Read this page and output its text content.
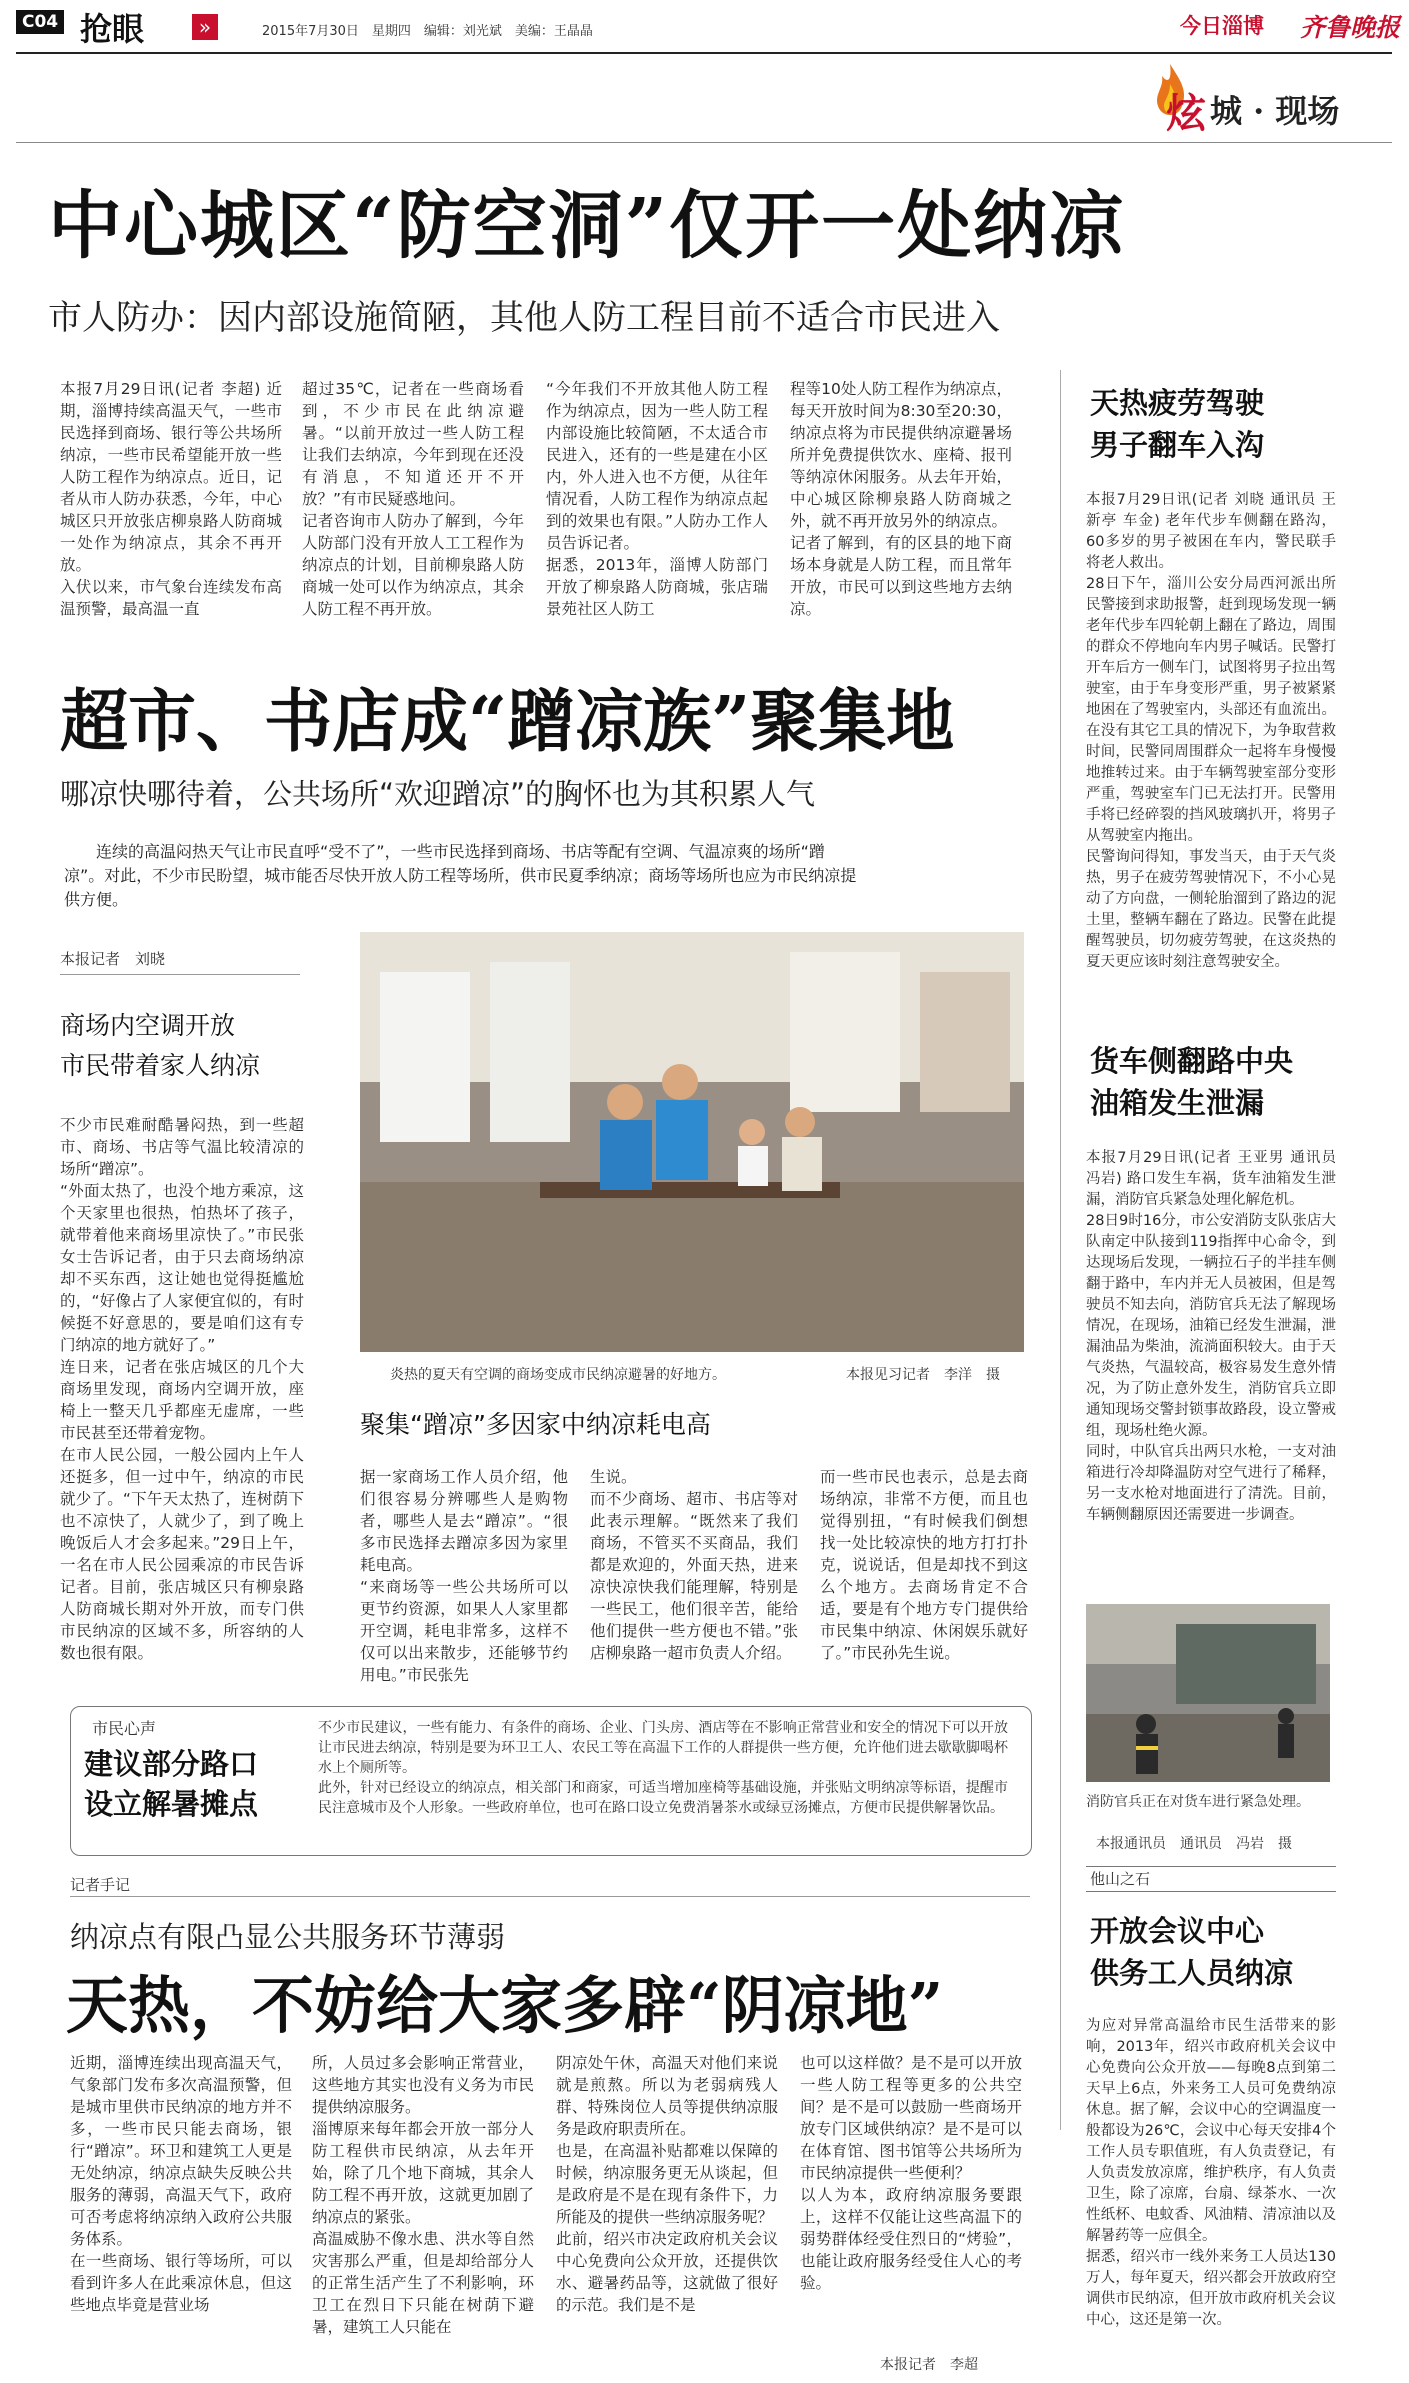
C04 抢眼	»	2015年7月30日　星期四　编辑：刘光斌　美编：王晶晶	今日淄博 齐鲁晚报
炫 城 · 现场
中心城区“防空洞”仅开一处纳凉
市人防办：因内部设施简陋，其他人防工程目前不适合市民进入
本报7月29日讯(记者 李超) 近期，淄博持续高温天气，一些市民选择到商场、银行等公共场所纳凉，一些市民希望能开放一些人防工程作为纳凉点。近日，记者从市人防办获悉，今年，中心城区只开放张店柳泉路人防商城一处作为纳凉点，其余不再开放。
入伏以来，市气象台连续发布高温预警，最高温一直
超过35℃，记者在一些商场看到，不少市民在此纳凉避暑。“以前开放过一些人防工程让我们去纳凉，今年到现在还没有消息，不知道还开不开放？”有市民疑惑地问。
记者咨询市人防办了解到，今年人防部门没有开放人工工程作为纳凉点的计划，目前柳泉路人防商城一处可以作为纳凉点，其余人防工程不再开放。
“今年我们不开放其他人防工程作为纳凉点，因为一些人防工程内部设施比较简陋，不太适合市民进入，还有的一些是建在小区内，外人进入也不方便，从往年情况看，人防工程作为纳凉点起到的效果也有限。”人防办工作人员告诉记者。
据悉，2013年，淄博人防部门开放了柳泉路人防商城，张店瑞景苑社区人防工
程等10处人防工程作为纳凉点，每天开放时间为8:30至20:30，纳凉点将为市民提供纳凉避暑场所并免费提供饮水、座椅、报刊等纳凉休闲服务。从去年开始，中心城区除柳泉路人防商城之外，就不再开放另外的纳凉点。
记者了解到，有的区县的地下商场本身就是人防工程，而且常年开放，市民可以到这些地方去纳凉。
超市、书店成“蹭凉族”聚集地
哪凉快哪待着，公共场所“欢迎蹭凉”的胸怀也为其积累人气
连续的高温闷热天气让市民直呼“受不了”，一些市民选择到商场、书店等配有空调、气温凉爽的场所“蹭凉”。对此，不少市民盼望，城市能否尽快开放人防工程等场所，供市民夏季纳凉；商场等场所也应为市民纳凉提供方便。
本报记者　刘晓
商场内空调开放
市民带着家人纳凉
不少市民难耐酷暑闷热，到一些超市、商场、书店等气温比较清凉的场所“蹭凉”。
“外面太热了，也没个地方乘凉，这个天家里也很热，怕热坏了孩子，就带着他来商场里凉快了。”市民张女士告诉记者，由于只去商场纳凉却不买东西，这让她也觉得挺尴尬的，“好像占了人家便宜似的，有时候挺不好意思的，要是咱们这有专门纳凉的地方就好了。”
连日来，记者在张店城区的几个大商场里发现，商场内空调开放，座椅上一整天几乎都座无虚席，一些市民甚至还带着宠物。
在市人民公园，一般公园内上午人还挺多，但一过中午，纳凉的市民就少了。“下午天太热了，连树荫下也不凉快了，人就少了，到了晚上晚饭后人才会多起来。”29日上午，一名在市人民公园乘凉的市民告诉记者。目前，张店城区只有柳泉路人防商城长期对外开放，而专门供市民纳凉的区域不多，所容纳的人数也很有限。
炎热的夏天有空调的商场变成市民纳凉避暑的好地方。	本报见习记者　李洋　摄
聚集“蹭凉”多因家中纳凉耗电高
据一家商场工作人员介绍，他们很容易分辨哪些人是购物者，哪些人是去“蹭凉”。“很多市民选择去蹭凉多因为家里耗电高。
“来商场等一些公共场所可以更节约资源，如果人人家里都开空调，耗电非常多，这样不仅可以出来散步，还能够节约用电。”市民张先
生说。
而不少商场、超市、书店等对此表示理解。“既然来了我们商场，不管买不买商品，我们都是欢迎的，外面天热，进来凉快凉快我们能理解，特别是一些民工，他们很辛苦，能给他们提供一些方便也不错。”张店柳泉路一超市负责人介绍。
而一些市民也表示，总是去商场纳凉，非常不方便，而且也觉得别扭，“有时候我们倒想找一处比较凉快的地方打打扑克，说说话，但是却找不到这么个地方。去商场肯定不合适，要是有个地方专门提供给市民集中纳凉、休闲娱乐就好了。”市民孙先生说。
市民心声
建议部分路口
设立解暑摊点
不少市民建议，一些有能力、有条件的商场、企业、门头房、酒店等在不影响正常营业和安全的情况下可以开放让市民进去纳凉，特别是要为环卫工人、农民工等在高温下工作的人群提供一些方便，允许他们进去歇歇脚喝杯水上个厕所等。
此外，针对已经设立的纳凉点，相关部门和商家，可适当增加座椅等基础设施，并张贴文明纳凉等标语，提醒市民注意城市及个人形象。一些政府单位，也可在路口设立免费消暑茶水或绿豆汤摊点，方便市民提供解暑饮品。
记者手记
纳凉点有限凸显公共服务环节薄弱
天热，不妨给大家多辟“阴凉地”
近期，淄博连续出现高温天气，气象部门发布多次高温预警，但是城市里供市民纳凉的地方并不多，一些市民只能去商场，银行“蹭凉”。环卫和建筑工人更是无处纳凉，纳凉点缺失反映公共服务的薄弱，高温天气下，政府可否考虑将纳凉纳入政府公共服务体系。
在一些商场、银行等场所，可以看到许多人在此乘凉休息，但这些地点毕竟是营业场
所，人员过多会影响正常营业，这些地方其实也没有义务为市民提供纳凉服务。
淄博原来每年都会开放一部分人防工程供市民纳凉，从去年开始，除了几个地下商城，其余人防工程不再开放，这就更加剧了纳凉点的紧张。
高温威胁不像水患、洪水等自然灾害那么严重，但是却给部分人的正常生活产生了不利影响，环卫工在烈日下只能在树荫下避暑，建筑工人只能在
阴凉处午休，高温天对他们来说就是煎熬。所以为老弱病残人群、特殊岗位人员等提供纳凉服务是政府职责所在。
也是，在高温补贴都难以保障的时候，纳凉服务更无从谈起，但是政府是不是在现有条件下，力所能及的提供一些纳凉服务呢？
此前，绍兴市决定政府机关会议中心免费向公众开放，还提供饮水、避暑药品等，这就做了很好的示范。我们是不是
也可以这样做？是不是可以开放一些人防工程等更多的公共空间？是不是可以鼓励一些商场开放专门区域供纳凉？是不是可以在体育馆、图书馆等公共场所为市民纳凉提供一些便利？
以人为本，政府纳凉服务要跟上，这样不仅能让这些高温下的弱势群体经受住烈日的“烤验”，也能让政府服务经受住人心的考验。
本报记者　李超
天热疲劳驾驶
男子翻车入沟
本报7月29日讯(记者 刘晓 通讯员 王新亭 车金) 老年代步车侧翻在路沟，60多岁的男子被困在车内，警民联手将老人救出。
28日下午，淄川公安分局西河派出所民警接到求助报警，赶到现场发现一辆老年代步车四轮朝上翻在了路边，周围的群众不停地向车内男子喊话。民警打开车后方一侧车门，试图将男子拉出驾驶室，由于车身变形严重，男子被紧紧地困在了驾驶室内，头部还有血流出。在没有其它工具的情况下，为争取营救时间，民警同周围群众一起将车身慢慢地推转过来。由于车辆驾驶室部分变形严重，驾驶室车门已无法打开。民警用手将已经碎裂的挡风玻璃扒开，将男子从驾驶室内拖出。
民警询问得知，事发当天，由于天气炎热，男子在疲劳驾驶情况下，不小心晃动了方向盘，一侧轮胎溜到了路边的泥土里，整辆车翻在了路边。民警在此提醒驾驶员，切勿疲劳驾驶，在这炎热的夏天更应该时刻注意驾驶安全。
货车侧翻路中央
油箱发生泄漏
本报7月29日讯(记者 王亚男 通讯员 冯岩) 路口发生车祸，货车油箱发生泄漏，消防官兵紧急处理化解危机。
28日9时16分，市公安消防支队张店大队南定中队接到119指挥中心命令，到达现场后发现，一辆拉石子的半挂车侧翻于路中，车内并无人员被困，但是驾驶员不知去向，消防官兵无法了解现场情况，在现场，油箱已经发生泄漏，泄漏油品为柴油，流淌面积较大。由于天气炎热，气温较高，极容易发生意外情况，为了防止意外发生，消防官兵立即通知现场交警封锁事故路段，设立警戒组，现场杜绝火源。
同时，中队官兵出两只水枪，一支对油箱进行冷却降温防对空气进行了稀释，另一支水枪对地面进行了清洗。目前，车辆侧翻原因还需要进一步调查。
消防官兵正在对货车进行紧急处理。
本报通讯员　通讯员　冯岩　摄
他山之石
开放会议中心
供务工人员纳凉
为应对异常高温给市民生活带来的影响，2013年，绍兴市政府机关会议中心免费向公众开放——每晚8点到第二天早上6点，外来务工人员可免费纳凉休息。据了解，会议中心的空调温度一般都设为26℃，会议中心每天安排4个工作人员专职值班，有人负责登记，有人负责发放凉席，维护秩序，有人负责卫生，除了凉席，台扇、绿茶水、一次性纸杯、电蚊香、风油精、清凉油以及解暑药等一应俱全。
据悉，绍兴市一线外来务工人员达130万人，每年夏天，绍兴都会开放政府空调供市民纳凉，但开放市政府机关会议中心，这还是第一次。
